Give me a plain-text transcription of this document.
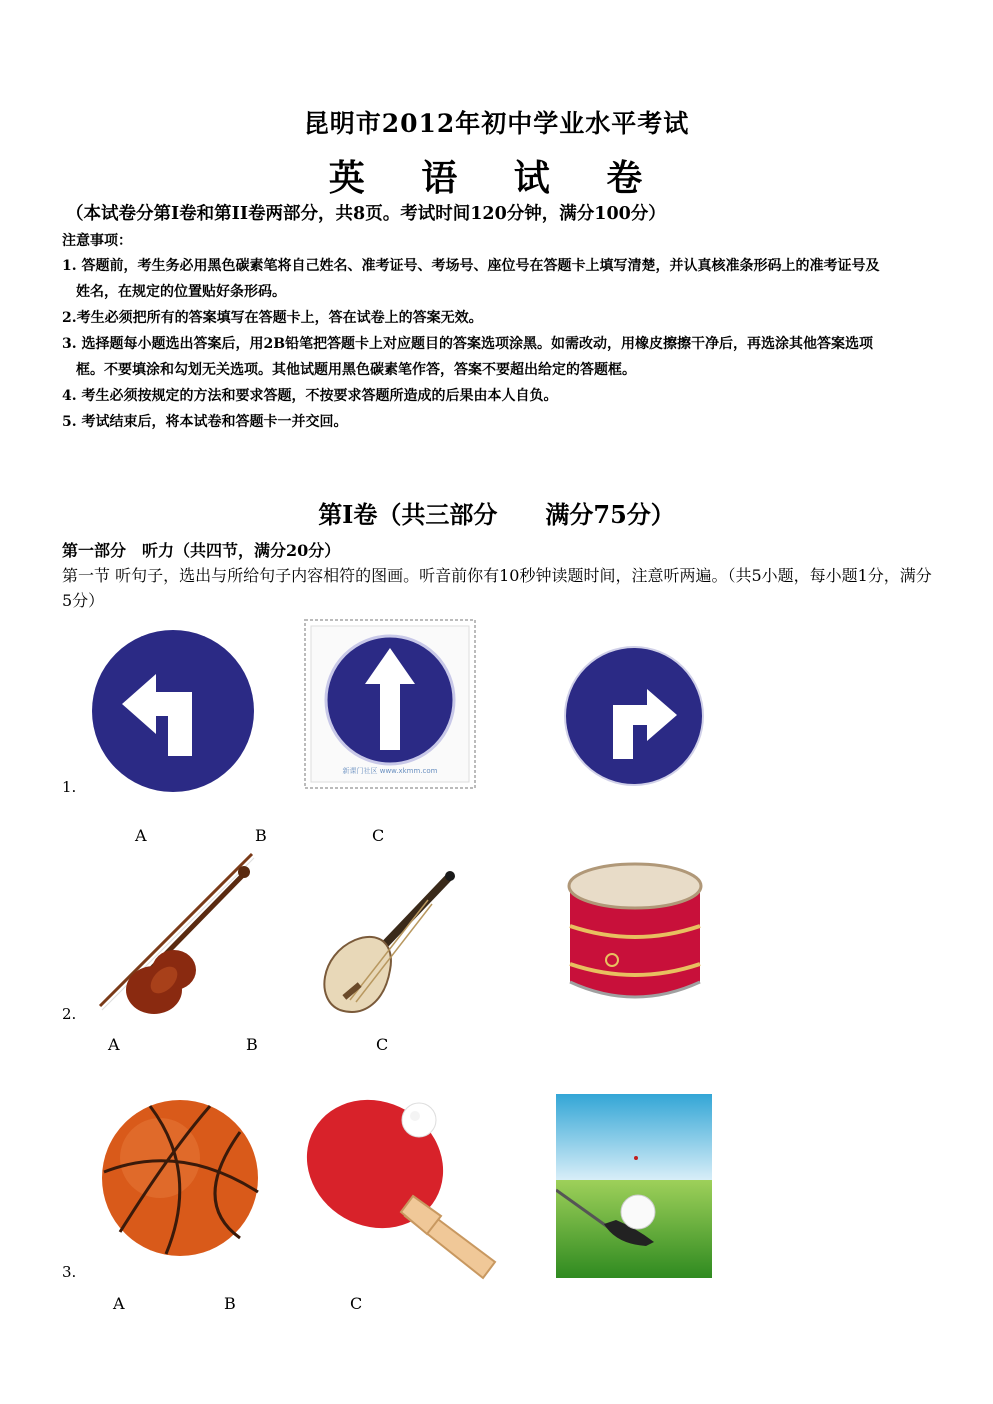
昆明市2012年初中学业水平考试
英 语 试 卷
（本试卷分第I卷和第II卷两部分，共8页。考试时间120分钟，满分100分）
注意事项：
1. 答题前，考生务必用黑色碳素笔将自己姓名、准考证号、考场号、座位号在答题卡上填写清楚，并认真核准条形码上的准考证号及
姓名，在规定的位置贴好条形码。
2.考生必须把所有的答案填写在答题卡上，答在试卷上的答案无效。
3. 选择题每小题选出答案后，用2B铅笔把答题卡上对应题目的答案选项涂黑。如需改动，用橡皮擦擦干净后，再选涂其他答案选项
框。不要填涂和勾划无关选项。其他试题用黑色碳素笔作答，答案不要超出给定的答题框。
4. 考生必须按规定的方法和要求答题，不按要求答题所造成的后果由本人自负。
5. 考试结束后，将本试卷和答题卡一并交回。
第I卷（共三部分　　满分75分）
第一部分　听力（共四节，满分20分）
第一节 听句子，选出与所给句子内容相符的图画。听音前你有10秒钟读题时间，注意听两遍。（共5小题，每小题1分，满分5分）
新课门社区 www.xkmm.com
1.
A	B	C
2.
A	B	C
3.
A	B	C
